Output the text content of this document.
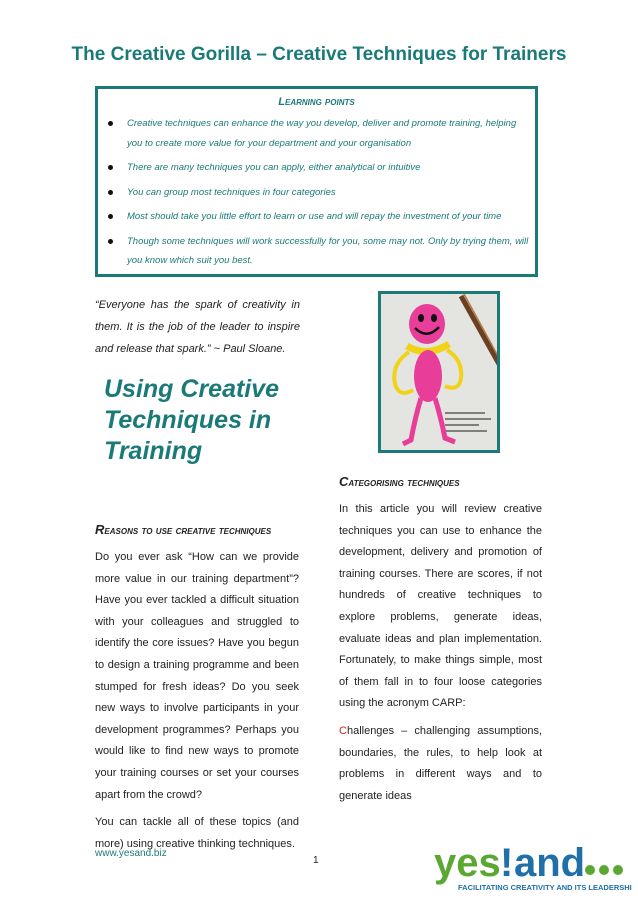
The Creative Gorilla – Creative Techniques for Trainers
Learning points
Creative techniques can enhance the way you develop, deliver and promote training, helping you to create more value for your department and your organisation
There are many techniques you can apply, either analytical or intuitive
You can group most techniques in four categories
Most should take you little effort to learn or use and will repay the investment of your time
Though some techniques will work successfully for you, some may not. Only by trying them, will you know which suit you best.
“Everyone has the spark of creativity in them. It is the job of the leader to inspire and release that spark.” ~ Paul Sloane.
Using Creative Techniques in Training
Reasons to use creative techniques

Do you ever ask “How can we provide more value in our training department”? Have you ever tackled a difficult situation with your colleagues and struggled to identify the core issues? Have you begun to design a training programme and been stumped for fresh ideas? Do you seek new ways to involve participants in your development programmes? Perhaps you would like to find new ways to promote your training courses or set your courses apart from the crowd?

You can tackle all of these topics (and more) using creative thinking techniques.

Categorising techniques

In this article you will review creative techniques you can use to enhance the development, delivery and promotion of training courses. There are scores, if not hundreds of creative techniques to explore problems, generate ideas, evaluate ideas and plan implementation. Fortunately, to make things simple, most of them fall in to four loose categories using the acronym CARP:

Challenges – challenging assumptions, boundaries, the rules, to help look at problems in different ways and to generate ideas

www.yesand.biz
1	yes ! and
FACILITATING CREATIVITY AND ITS LEADERSHIP
